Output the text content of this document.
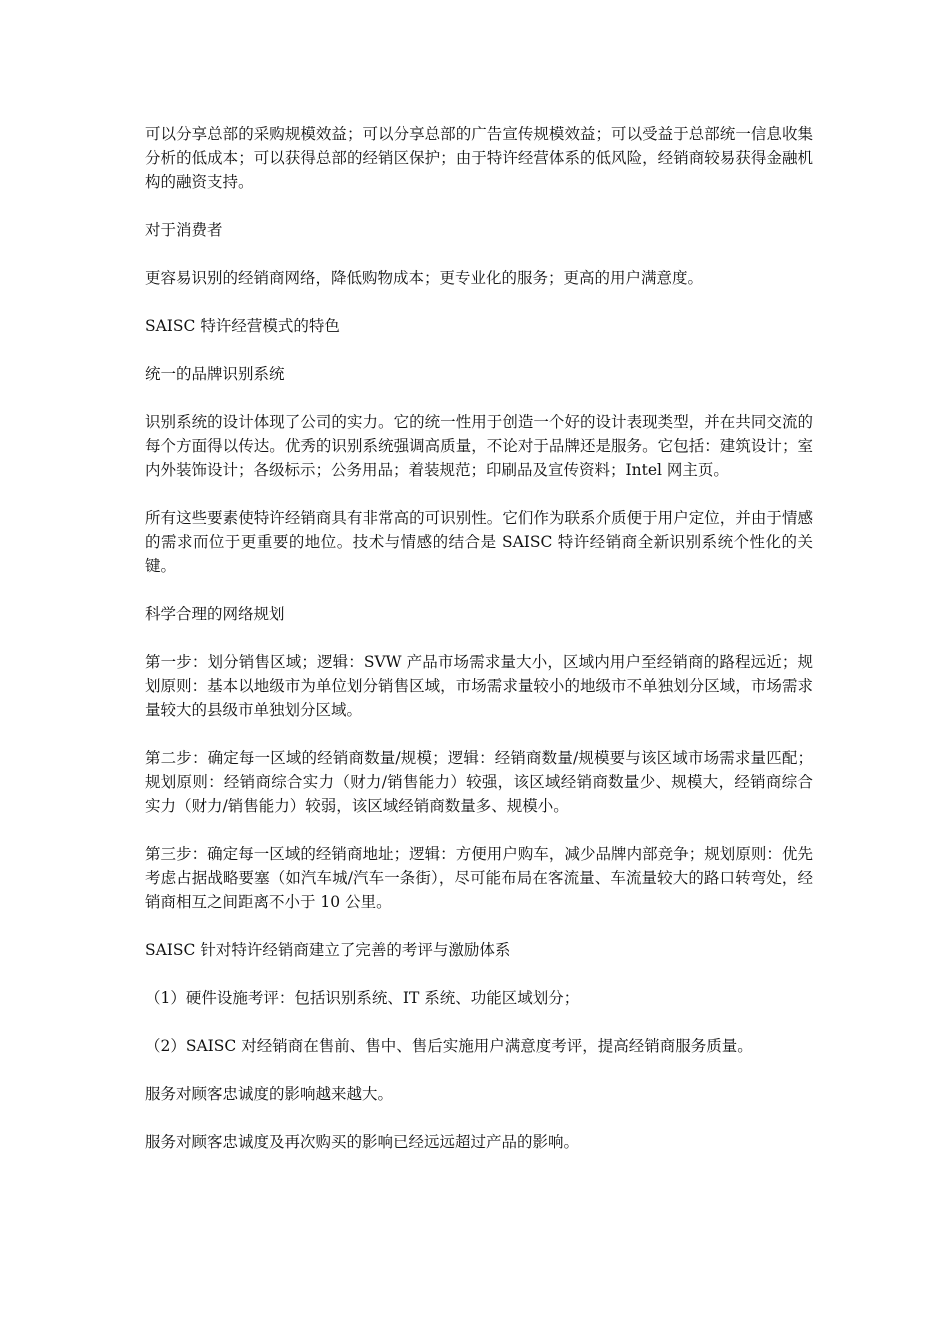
可以分享总部的采购规模效益；可以分享总部的广告宣传规模效益；可以受益于总部统一信息收集分析的低成本；可以获得总部的经销区保护；由于特许经营体系的低风险，经销商较易获得金融机构的融资支持。

对于消费者

更容易识别的经销商网络，降低购物成本；更专业化的服务；更高的用户满意度。

SAISC 特许经营模式的特色

统一的品牌识别系统

识别系统的设计体现了公司的实力。它的统一性用于创造一个好的设计表现类型，并在共同交流的每个方面得以传达。优秀的识别系统强调高质量，不论对于品牌还是服务。它包括：建筑设计；室内外装饰设计；各级标示；公务用品；着装规范；印刷品及宣传资料；Intel 网主页。

所有这些要素使特许经销商具有非常高的可识别性。它们作为联系介质便于用户定位，并由于情感的需求而位于更重要的地位。技术与情感的结合是 SAISC 特许经销商全新识别系统个性化的关键。

科学合理的网络规划

第一步：划分销售区域；逻辑：SVW 产品市场需求量大小，区域内用户至经销商的路程远近；规划原则：基本以地级市为单位划分销售区域，市场需求量较小的地级市不单独划分区域，市场需求量较大的县级市单独划分区域。

第二步：确定每一区域的经销商数量/规模；逻辑：经销商数量/规模要与该区域市场需求量匹配；规划原则：经销商综合实力（财力/销售能力）较强，该区域经销商数量少、规模大，经销商综合实力（财力/销售能力）较弱，该区域经销商数量多、规模小。

第三步：确定每一区域的经销商地址；逻辑：方便用户购车，减少品牌内部竞争；规划原则：优先考虑占据战略要塞（如汽车城/汽车一条街），尽可能布局在客流量、车流量较大的路口转弯处，经销商相互之间距离不小于 10 公里。

SAISC 针对特许经销商建立了完善的考评与激励体系

（1）硬件设施考评：包括识别系统、IT 系统、功能区域划分；

（2）SAISC 对经销商在售前、售中、售后实施用户满意度考评，提高经销商服务质量。

服务对顾客忠诚度的影响越来越大。

服务对顾客忠诚度及再次购买的影响已经远远超过产品的影响。
